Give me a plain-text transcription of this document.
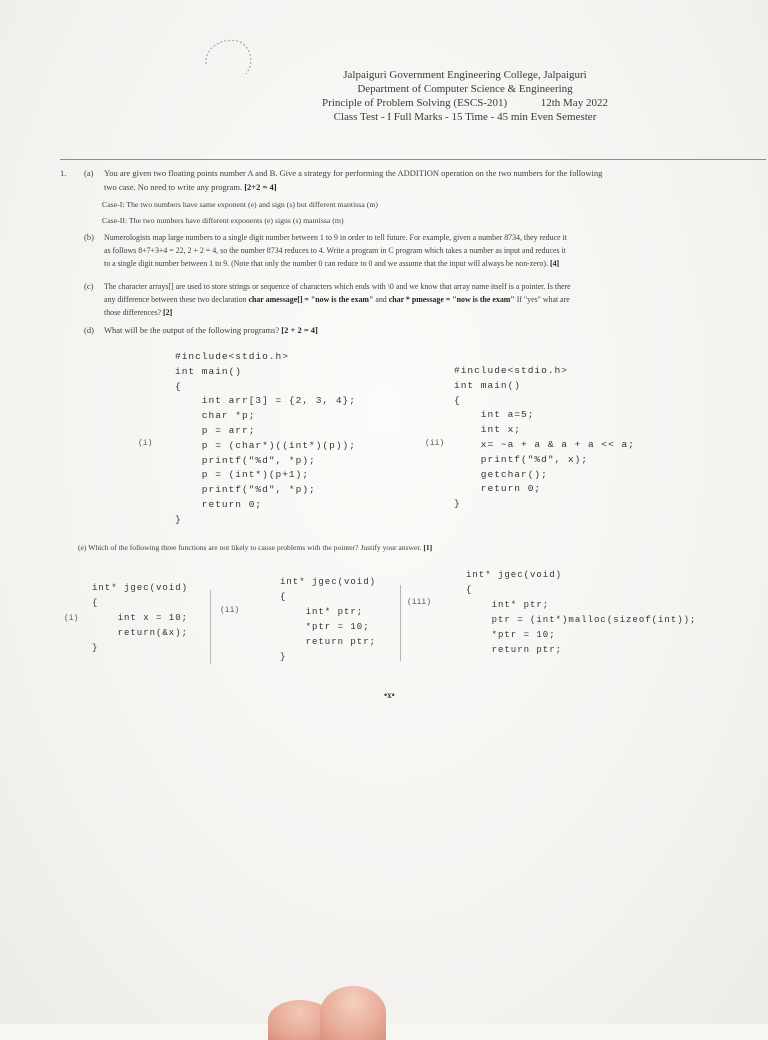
Jalpaiguri Government Engineering College, Jalpaiguri
Department of Computer Science & Engineering
Principle of Problem Solving (ESCS-201)	12th May 2022
Class Test - I Full Marks - 15 Time - 45 min Even Semester
1. (a) You are given two floating points number A and B. Give a strategy for performing the ADDITION operation on the two numbers for the following
two case. No need to write any program. [2+2 = 4]
Case-I: The two numbers have same exponent (e) and sign (s) but different mantissa (m)
Case-II: The two numbers have different exponents (e) signs (s) mantissa (m)
(b) Numerologists map large numbers to a single digit number between 1 to 9 in order to tell future. For example, given a number 8734, they reduce it
as follows 8+7+3+4 = 22, 2 + 2 = 4, so the number 8734 reduces to 4. Write a program in C program which takes a number as input and reduces it
to a single digit number between 1 to 9. (Note that only the number 0 can reduce to 0 and we assume that the input will always be non-zero). [4]
(c) The character arrays[] are used to store strings or sequence of characters which ends with \0 and we know that array name itself is a pointer. Is there
any difference between these two declaration char amessage[] = "now is the exam" and char * pmessage = "now is the exam" If "yes" what are
those differences? [2]
(d) What will be the output of the following programs? [2 + 2 = 4]
(i)
#include<stdio.h>
int main()
{
int arr[3] = {2, 3, 4};
char *p;
p = arr;
p = (char*)((int*)(p));
printf("%d", *p);
p = (int*)(p+1);
printf("%d", *p);
return 0;
}
(ii)
#include<stdio.h>
int main()
{
int a=5;
int x;
x= ~a + a & a + a << a;
printf("%d", x);
getchar();
return 0;
}
(e) Which of the following three functions are not likely to cause problems with the pointer? Justify your answer. [1]
(i)
int* jgec(void)
{
int x = 10;
return(&x);
}
(ii)
int* jgec(void)
{
int* ptr;
*ptr = 10;
return ptr;
}
(iii)
int* jgec(void)
{
int* ptr;
ptr = (int*)malloc(sizeof(int));
*ptr = 10;
return ptr;
•x•
